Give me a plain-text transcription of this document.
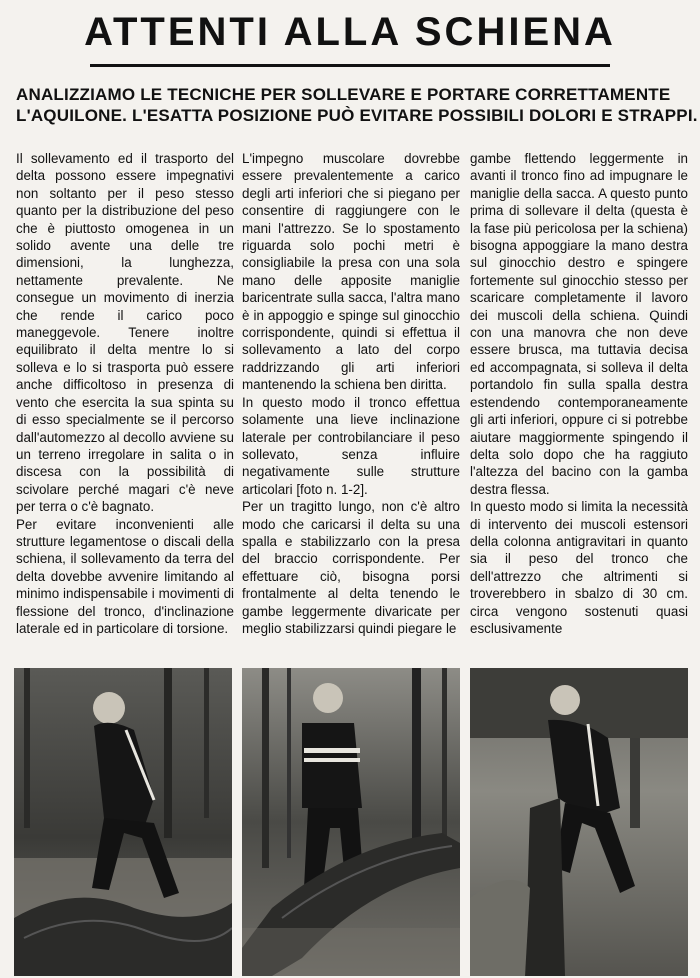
ATTENTI ALLA SCHIENA
ANALIZZIAMO LE TECNICHE PER SOLLEVARE E PORTARE CORRETTAMENTE
L'AQUILONE. L'ESATTA POSIZIONE PUÒ EVITARE POSSIBILI DOLORI E STRAPPI.

Il sollevamento ed il trasporto del delta possono essere impegnativi non soltanto per il peso stesso quanto per la distribuzione del peso che è piuttosto omogenea in un solido avente una delle tre dimensioni, la lunghezza, nettamente prevalente. Ne consegue un movimento di inerzia che rende il carico poco maneggevole. Tenere inoltre equilibrato il delta mentre lo si solleva e lo si trasporta può essere anche difficoltoso in presenza di vento che esercita la sua spinta su di esso specialmente se il percorso dall'automezzo al decollo avviene su un terreno irregolare in salita o in discesa con la possibilità di scivolare perché magari c'è neve per terra o c'è bagnato.

Per evitare inconvenienti alle strutture legamentose o discali della schiena, il sollevamento da terra del delta dovebbe avvenire limitando al minimo indispensabile i movimenti di flessione del tronco, d'inclinazione laterale ed in particolare di torsione.

L'impegno muscolare dovrebbe essere prevalentemente a carico degli arti inferiori che si piegano per consentire di raggiungere con le mani l'attrezzo. Se lo spostamento riguarda solo pochi metri è consigliabile la presa con una sola mano delle apposite maniglie baricentrate sulla sacca, l'altra mano è in appoggio e spinge sul ginocchio corrispondente, quindi si effettua il sollevamento a lato del corpo raddrizzando gli arti inferiori mantenendo la schiena ben diritta.

In questo modo il tronco effettua solamente una lieve inclinazione laterale per controbilanciare il peso sollevato, senza influire negativamente sulle strutture articolari [foto n. 1-2].

Per un tragitto lungo, non c'è altro modo che caricarsi il delta su una spalla e stabilizzarlo con la presa del braccio corrispondente. Per effettuare ciò, bisogna porsi frontalmente al delta tenendo le gambe leggermente divaricate per meglio stabilizzarsi quindi piegare le

gambe flettendo leggermente in avanti il tronco fino ad impugnare le maniglie della sacca. A questo punto prima di sollevare il delta (questa è la fase più pericolosa per la schiena) bisogna appoggiare la mano destra sul ginocchio destro e spingere fortemente sul ginocchio stesso per scaricare completamente il lavoro dei muscoli della schiena. Quindi con una manovra che non deve essere brusca, ma tuttavia decisa ed accompagnata, si solleva il delta portandolo fin sulla spalla destra estendendo contemporaneamente gli arti inferiori, oppure ci si potrebbe aiutare maggiormente spingendo il delta solo dopo che ha raggiuto l'altezza del bacino con la gamba destra flessa.

In questo modo si limita la necessità di intervento dei muscoli estensori della colonna antigravitari in quanto sia il peso del tronco che dell'attrezzo che altrimenti si troverebbero in sbalzo di 30 cm. circa vengono sostenuti quasi esclusivamente
